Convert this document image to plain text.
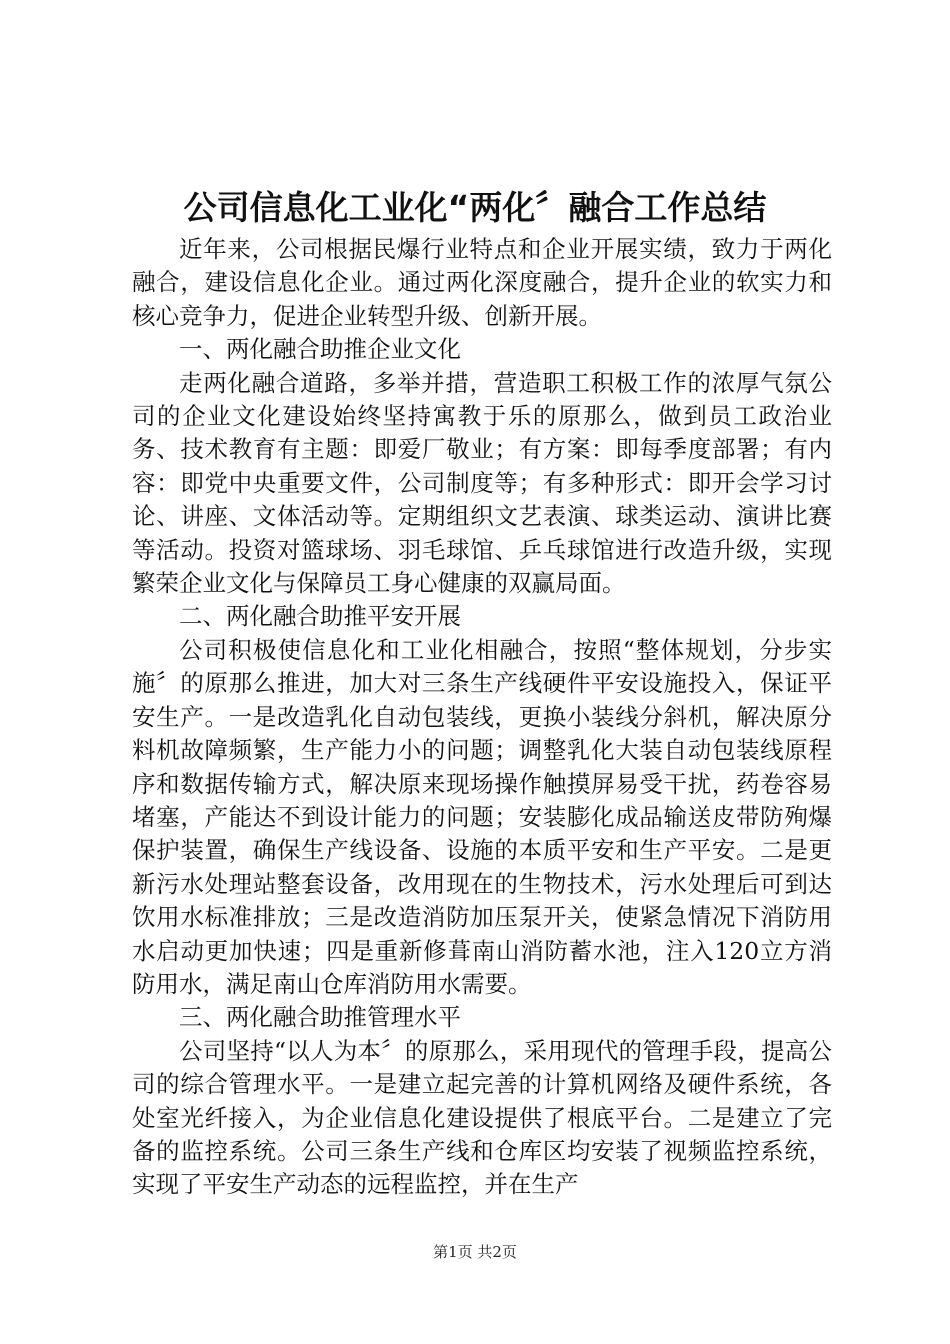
公司信息化工业化“两化〞融合工作总结

近年来，公司根据民爆行业特点和企业开展实绩，致力于两化融合，建设信息化企业。通过两化深度融合，提升企业的软实力和核心竞争力，促进企业转型升级、创新开展。

一、两化融合助推企业文化

走两化融合道路，多举并措，营造职工积极工作的浓厚气氛公司的企业文化建设始终坚持寓教于乐的原那么，做到员工政治业务、技术教育有主题：即爱厂敬业；有方案：即每季度部署；有内容：即党中央重要文件，公司制度等；有多种形式：即开会学习讨论、讲座、文体活动等。定期组织文艺表演、球类运动、演讲比赛等活动。投资对篮球场、羽毛球馆、乒乓球馆进行改造升级，实现繁荣企业文化与保障员工身心健康的双赢局面。

二、两化融合助推平安开展

公司积极使信息化和工业化相融合，按照“整体规划，分步实施〞的原那么推进，加大对三条生产线硬件平安设施投入，保证平安生产。一是改造乳化自动包装线，更换小装线分斜机，解决原分料机故障频繁，生产能力小的问题；调整乳化大装自动包装线原程序和数据传输方式，解决原来现场操作触摸屏易受干扰，药卷容易堵塞，产能达不到设计能力的问题；安装膨化成品输送皮带防殉爆保护装置，确保生产线设备、设施的本质平安和生产平安。二是更新污水处理站整套设备，改用现在的生物技术，污水处理后可到达饮用水标准排放；三是改造消防加压泵开关，使紧急情况下消防用水启动更加快速；四是重新修葺南山消防蓄水池，注入120立方消防用水，满足南山仓库消防用水需要。

三、两化融合助推管理水平

公司坚持“以人为本〞的原那么，采用现代的管理手段，提高公司的综合管理水平。一是建立起完善的计算机网络及硬件系统，各处室光纤接入，为企业信息化建设提供了根底平台。二是建立了完备的监控系统。公司三条生产线和仓库区均安装了视频监控系统，实现了平安生产动态的远程监控，并在生产

第1页 共2页
